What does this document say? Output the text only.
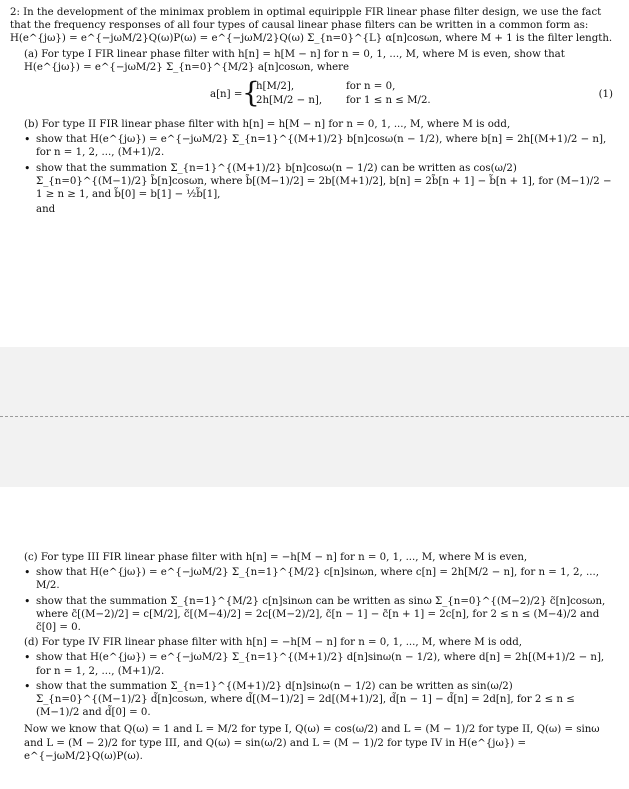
2: In the development of the minimax problem in optimal equiripple FIR linear phase filter design, we use the fact that the frequency responses of all four types of causal linear phase filters can be written in a common form as: H(e^{jω}) = e^{−jωM/2}Q(ω)P(ω) = e^{−jωM/2}Q(ω) Σ_{n=0}^{L} α[n]cosωn, where M + 1 is the filter length.

(a) For type I FIR linear phase filter with h[n] = h[M − n] for n = 0, 1, ..., M, where M is even, show that H(e^{jω}) = e^{−jωM/2} Σ_{n=0}^{M/2} a[n]cosωn, where

a[n] = {
h[M/2],	for n = 0,
2h[M/2 − n], for 1 ≤ n ≤ M/2.
(1)

(b) For type II FIR linear phase filter with h[n] = h[M − n] for n = 0, 1, ..., M, where M is odd,

• show that H(e^{jω}) = e^{−jωM/2} Σ_{n=1}^{(M+1)/2} b[n]cosω(n − 1/2), where b[n] = 2h[(M+1)/2 − n], for n = 1, 2, ..., (M+1)/2.
• show that the summation Σ_{n=1}^{(M+1)/2} b[n]cosω(n − 1/2) can be written as cos(ω/2) Σ_{n=0}^{(M−1)/2} b̃[n]cosωn, where b̃[(M−1)/2] = 2b[(M+1)/2], b[n] = 2b̃[n + 1] − b̃[n + 1], for (M−1)/2 − 1 ≥ n ≥ 1, and b̃[0] = b[1] − ½b̃[1],

and

(c) For type III FIR linear phase filter with h[n] = −h[M − n] for n = 0, 1, ..., M, where M is even,

• show that H(e^{jω}) = e^{−jωM/2} Σ_{n=1}^{M/2} c[n]sinωn, where c[n] = 2h[M/2 − n], for n = 1, 2, ..., M/2.
• show that the summation Σ_{n=1}^{M/2} c[n]sinωn can be written as sinω Σ_{n=0}^{(M−2)/2} c̃[n]cosωn, where c̃[(M−2)/2] = c[M/2], c̃[(M−4)/2] = 2c[(M−2)/2], c̃[n − 1] − c̃[n + 1] = 2c[n], for 2 ≤ n ≤ (M−4)/2 and c̃[0] = 0.

(d) For type IV FIR linear phase filter with h[n] = −h[M − n] for n = 0, 1, ..., M, where M is odd,

• show that H(e^{jω}) = e^{−jωM/2} Σ_{n=1}^{(M+1)/2} d[n]sinω(n − 1/2), where d[n] = 2h[(M+1)/2 − n], for n = 1, 2, ..., (M+1)/2.
• show that the summation Σ_{n=1}^{(M+1)/2} d[n]sinω(n − 1/2) can be written as sin(ω/2) Σ_{n=0}^{(M−1)/2} d̃[n]cosωn, where d̃[(M−1)/2] = 2d[(M+1)/2], d̃[n − 1] − d̃[n] = 2d[n], for 2 ≤ n ≤ (M−1)/2 and d̃[0] = 0.

Now we know that Q(ω) = 1 and L = M/2 for type I, Q(ω) = cos(ω/2) and L = (M − 1)/2 for type II, Q(ω) = sinω and L = (M − 2)/2 for type III, and Q(ω) = sin(ω/2) and L = (M − 1)/2 for type IV in H(e^{jω}) = e^{−jωM/2}Q(ω)P(ω).
